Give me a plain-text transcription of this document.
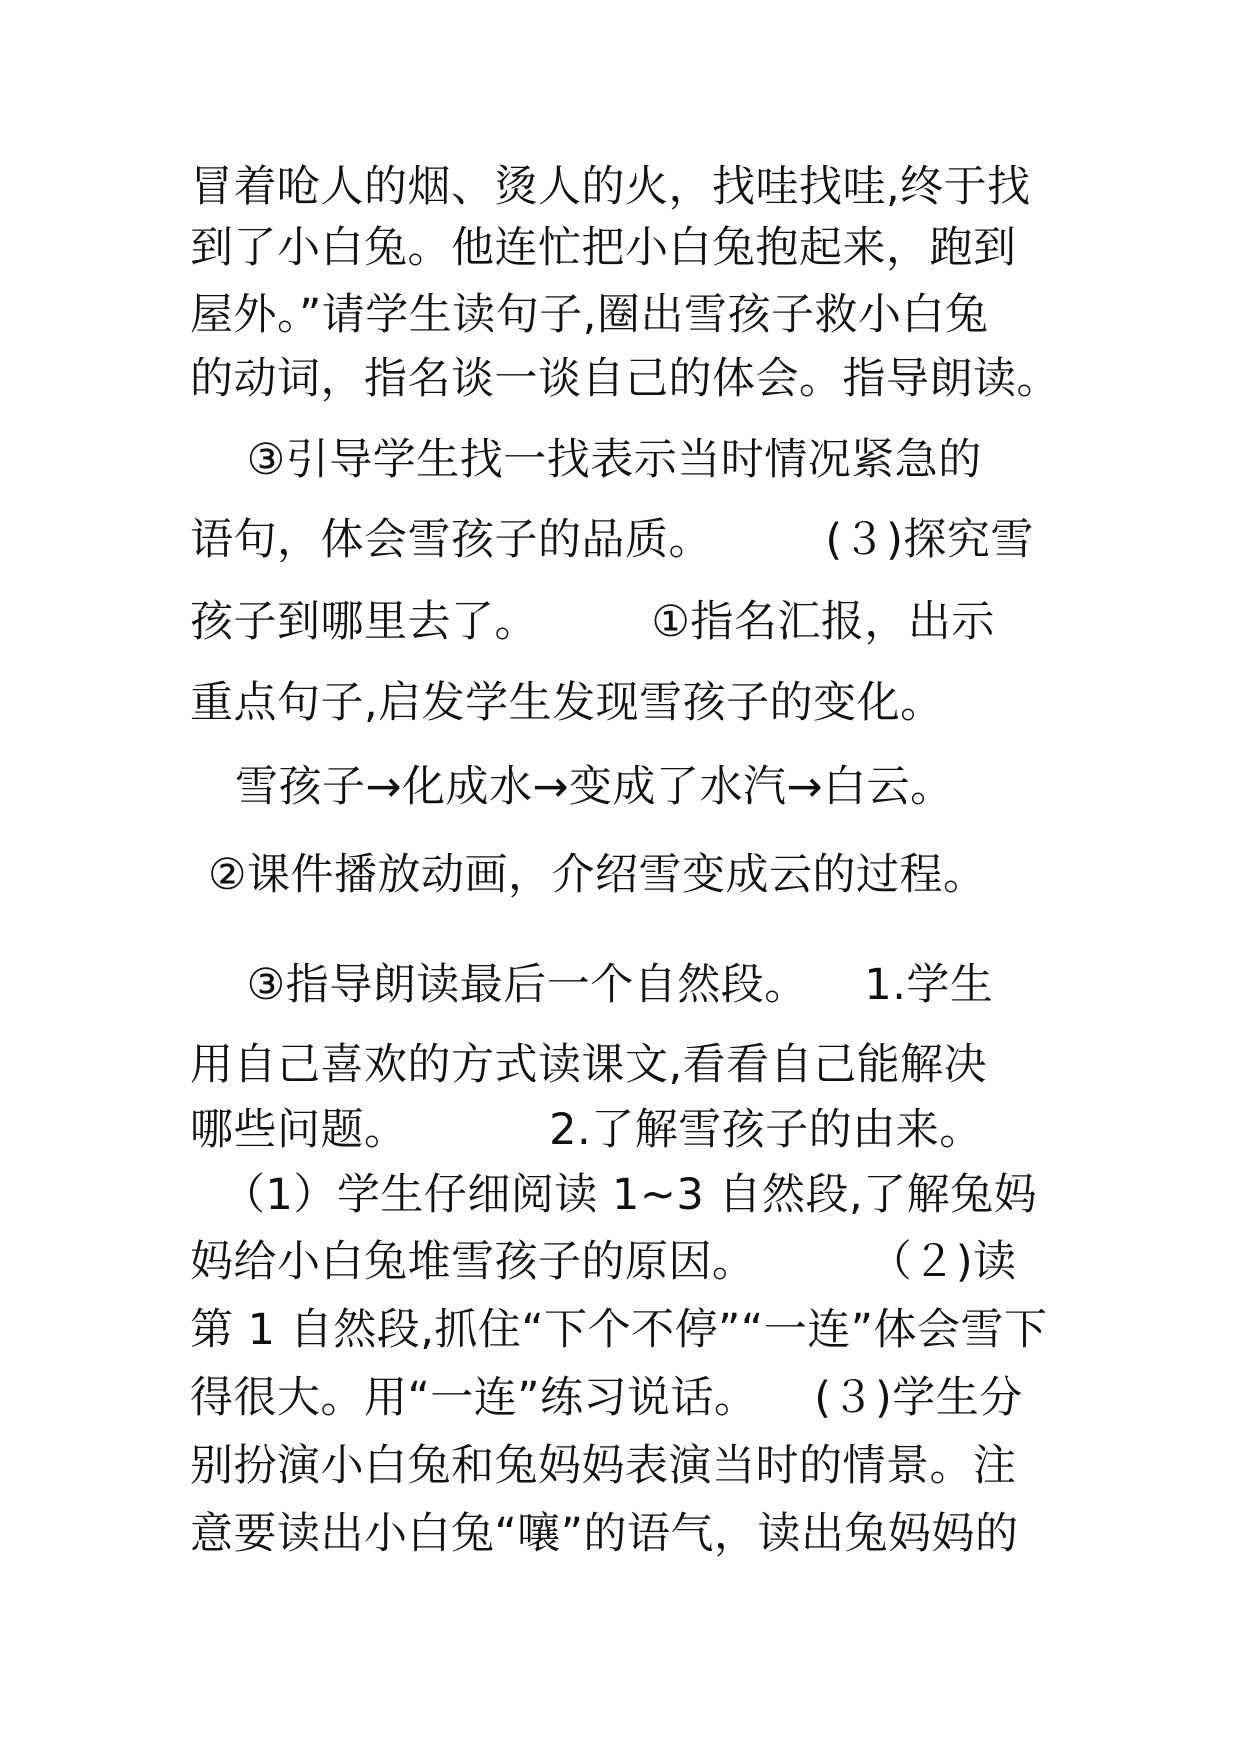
冒着呛人的烟、烫人的火，找哇找哇,终于找
到了小白兔。他连忙把小白兔抱起来，跑到
屋外。”请学生读句子,圈出雪孩子救小白兔
的动词，指名谈一谈自己的体会。指导朗读。
③引导学生找一找表示当时情况紧急的
语句，体会雪孩子的品质。        (３)探究雪
孩子到哪里去了。        ①指名汇报，出示
重点句子,启发学生发现雪孩子的变化。
雪孩子→化成水→变成了水汽→白云。
②课件播放动画，介绍雪变成云的过程。
③指导朗读最后一个自然段。    1.学生
用自己喜欢的方式读课文,看看自己能解决
哪些问题。          2.了解雪孩子的由来。
（1）学生仔细阅读 1~3 自然段,了解兔妈
妈给小白兔堆雪孩子的原因。        （２)读
第 1 自然段,抓住“下个不停”“一连”体会雪下
得很大。用“一连”练习说话。    (３)学生分
别扮演小白兔和兔妈妈表演当时的情景。注
意要读出小白兔“嚷”的语气，读出兔妈妈的
